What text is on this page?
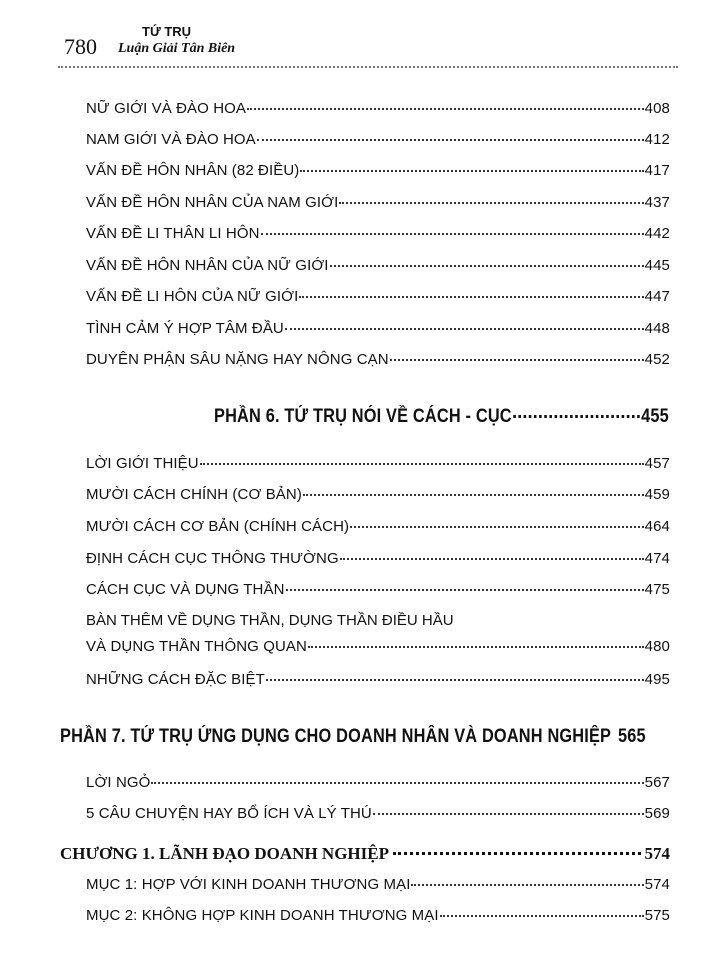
780
TỨ TRỤ
Luận Giải Tân Biên
NỮ GIỚI VÀ ĐÀO HOA	408
NAM GIỚI VÀ ĐÀO HOA	412
VẤN ĐỀ HÔN NHÂN (82 ĐIỀU)	417
VẤN ĐỀ HÔN NHÂN CỦA NAM GIỚI	437
VẤN ĐỀ LI THÂN LI HÔN	442
VẤN ĐỀ HÔN NHÂN CỦA NỮ GIỚI	445
VẤN ĐỀ LI HÔN CỦA NỮ GIỚI	447
TÌNH CẢM Ý HỢP TÂM ĐẦU	448
DUYÊN PHẬN SÂU NẶNG HAY NÔNG CẠN	452
PHẦN 6. TỨ TRỤ NÓI VỀ CÁCH - CỤC	455
LỜI GIỚI THIỆU	457
MƯỜI CÁCH CHÍNH (CƠ BẢN)	459
MƯỜI CÁCH CƠ BẢN (CHÍNH CÁCH)	464
ĐỊNH CÁCH CỤC THÔNG THƯỜNG	474
CÁCH CỤC VÀ DỤNG THẦN	475
BÀN THÊM VỀ DỤNG THẦN, DỤNG THẦN ĐIỀU HẦU
VÀ DỤNG THẦN THÔNG QUAN	480
NHỮNG CÁCH ĐẶC BIỆT	495
PHẦN 7. TỨ TRỤ ỨNG DỤNG CHO DOANH NHÂN VÀ DOANH NGHIỆP 565
LỜI NGỎ	567
5 CÂU CHUYỆN HAY BỔ ÍCH VÀ LÝ THÚ	569
CHƯƠNG 1. LÃNH ĐẠO DOANH NGHIỆP	574
MỤC 1: HỢP VỚI KINH DOANH THƯƠNG MẠI	574
MỤC 2: KHÔNG HỢP KINH DOANH THƯƠNG MẠI	575
